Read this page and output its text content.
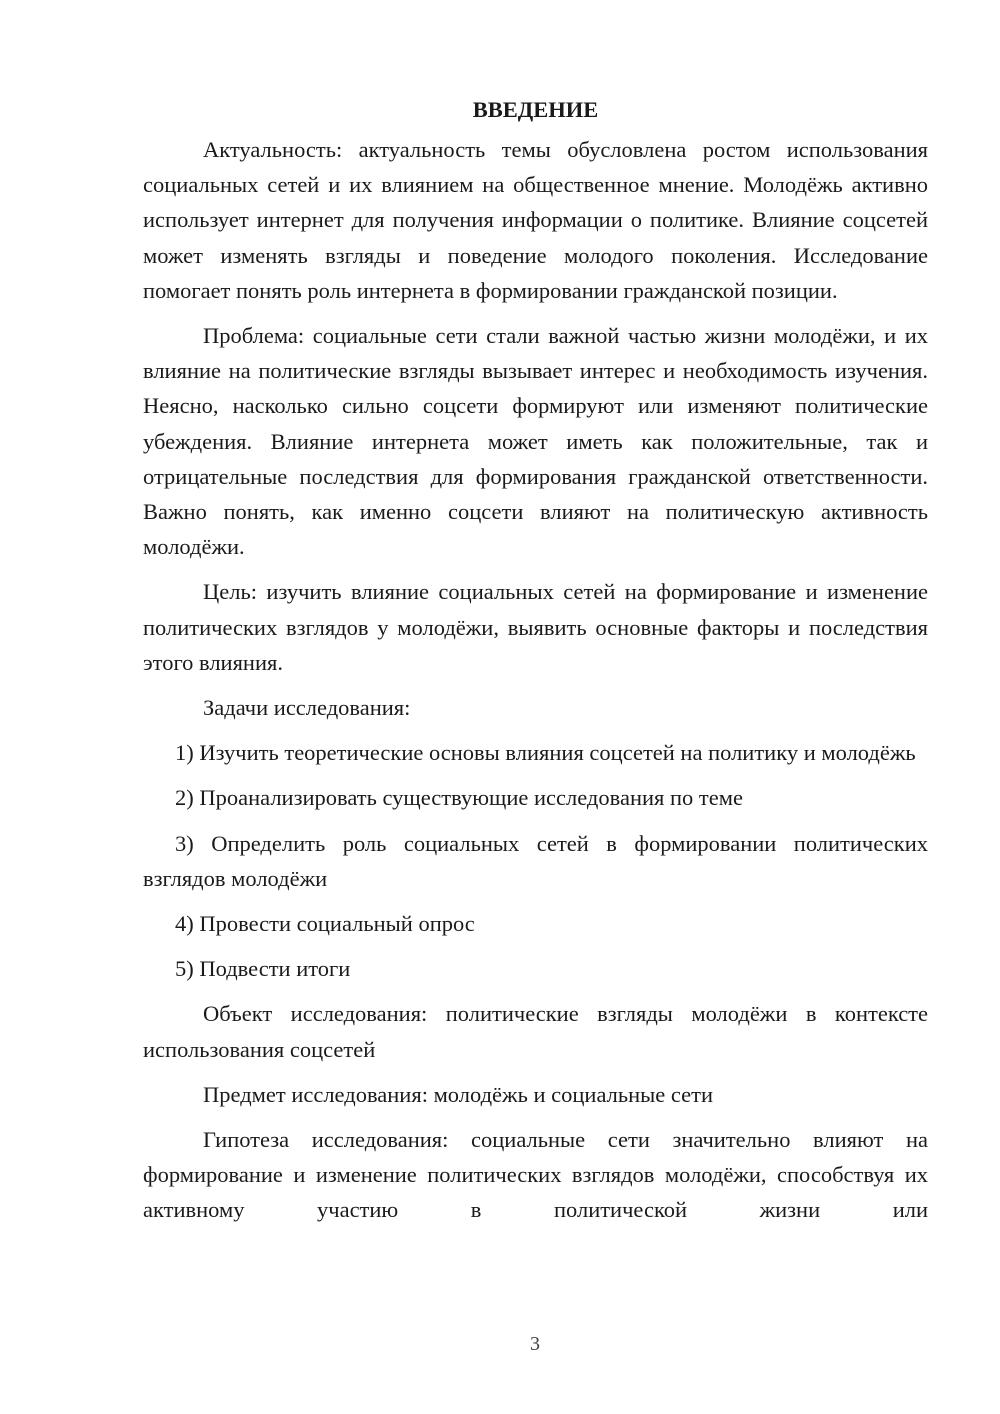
ВВЕДЕНИЕ

Актуальность: актуальность темы обусловлена ростом использования социальных сетей и их влиянием на общественное мнение. Молодёжь активно использует интернет для получения информации о политике. Влияние соцсетей может изменять взгляды и поведение молодого поколения. Исследование помогает понять роль интернета в формировании гражданской позиции.

Проблема: социальные сети стали важной частью жизни молодёжи, и их влияние на политические взгляды вызывает интерес и необходимость изучения. Неясно, насколько сильно соцсети формируют или изменяют политические убеждения. Влияние интернета может иметь как положительные, так и отрицательные последствия для формирования гражданской ответственности. Важно понять, как именно соцсети влияют на политическую активность молодёжи.

Цель: изучить влияние социальных сетей на формирование и изменение политических взглядов у молодёжи, выявить основные факторы и последствия этого влияния.

Задачи исследования:

1) Изучить теоретические основы влияния соцсетей на политику и молодёжь

2) Проанализировать существующие исследования по теме

3) Определить роль социальных сетей в формировании политических взглядов молодёжи

4) Провести социальный опрос

5) Подвести итоги

Объект исследования: политические взгляды молодёжи в контексте использования соцсетей

Предмет исследования: молодёжь и социальные сети

Гипотеза исследования: социальные сети значительно влияют на формирование и изменение политических взглядов молодёжи, способствуя их активному участию в политической жизни или

3
